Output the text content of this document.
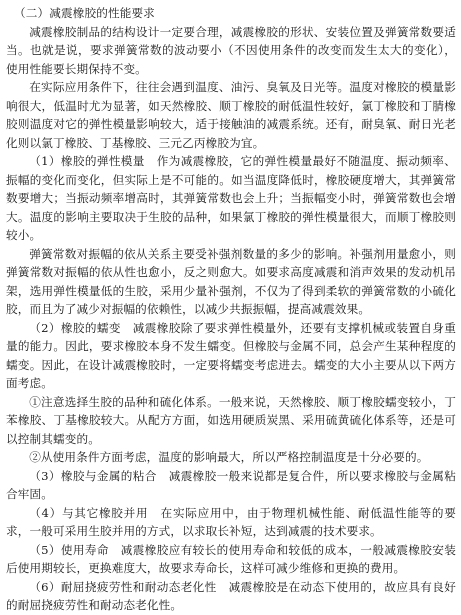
（二）减震橡胶的性能要求

减震橡胶制品的结构设计一定要合理，减震橡胶的形状、安装位置及弹簧常数要适当。也就是说，要求弹簧常数的波动要小（不因使用条件的改变而发生太大的变化），使用性能要长期保持不变。

在实际应用条件下，往往会遇到温度、油污、臭氧及日光等。温度对橡胶的模量影响很大，低温时尤为显著，如天然橡胶、顺丁橡胶的耐低温性较好，氯丁橡胶和丁腈橡胶则温度对它的弹性模量影响较大，适于接触油的减震系统。还有，耐臭氧、耐日光老化则以氯丁橡胶、丁基橡胶、三元乙丙橡胶为宜。

（1）橡胶的弹性模量　作为减震橡胶，它的弹性模量最好不随温度、振动频率、振幅的变化而变化，但实际上是不可能的。如当温度降低时，橡胶硬度增大，其弹簧常数要增大；当振动频率增高时，其弹簧常数也会上升；当振幅变小时，弹簧常数也会增大。温度的影响主要取决于生胶的品种，如果氯丁橡胶的弹性模量很大，而顺丁橡胶则较小。

弹簧常数对振幅的依从关系主要受补强剂数量的多少的影响。补强剂用量愈小，则弹簧常数对振幅的依从性也愈小，反之则愈大。如要求高度减震和消声效果的发动机吊架，选用弹性模量低的生胶，采用少量补强剂，不仅为了得到柔软的弹簧常数的小硫化胶，而且为了减少对振幅的依赖性，以减少共振振幅，提高减震效果。

（2）橡胶的蠕变　减震橡胶除了要求弹性模量外，还要有支撑机械或装置自身重量的能力。因此，要求橡胶本身不发生蠕变。但橡胶与金属不同，总会产生某种程度的蠕变。因此，在设计减震橡胶时，一定要将蠕变考虑进去。蠕变的大小主要从以下两方面考虑。

①注意选择生胶的品种和硫化体系。一般来说，天然橡胶、顺丁橡胶蠕变较小，丁苯橡胶、丁基橡胶较大。从配方方面，如选用硬质炭黑、采用硫黄硫化体系等，还是可以控制其蠕变的。

②从使用条件方面考虑，温度的影响最大，所以严格控制温度是十分必要的。

（3）橡胶与金属的粘合　减震橡胶一般来说都是复合件，所以要求橡胶与金属粘合牢固。

（4）与其它橡胶并用　在实际应用中，由于物理机械性能、耐低温性能等的要求，一般可采用生胶并用的方式，以求取长补短，达到减震的技术要求。

（5）使用寿命　减震橡胶应有较长的使用寿命和较低的成本，一般减震橡胶安装后使用期较长，更换难度大，故要求寿命长，这样可减少维修和更换的费用。

（6）耐屈挠疲劳性和耐动态老化性　减震橡胶是在动态下使用的，故应具有良好的耐屈挠疲劳性和耐动态老化性。
